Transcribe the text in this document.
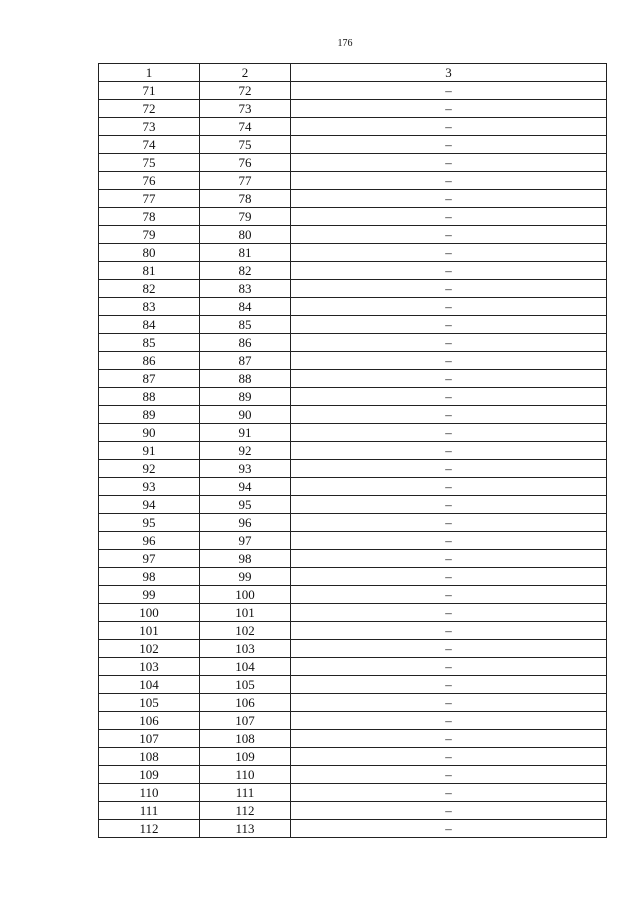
176
1	2	3
71	72	–
72	73	–
73	74	–
74	75	–
75	76	–
76	77	–
77	78	–
78	79	–
79	80	–
80	81	–
81	82	–
82	83	–
83	84	–
84	85	–
85	86	–
86	87	–
87	88	–
88	89	–
89	90	–
90	91	–
91	92	–
92	93	–
93	94	–
94	95	–
95	96	–
96	97	–
97	98	–
98	99	–
99	100	–
100	101	–
101	102	–
102	103	–
103	104	–
104	105	–
105	106	–
106	107	–
107	108	–
108	109	–
109	110	–
110	111	–
111	112	–
112	113	–
